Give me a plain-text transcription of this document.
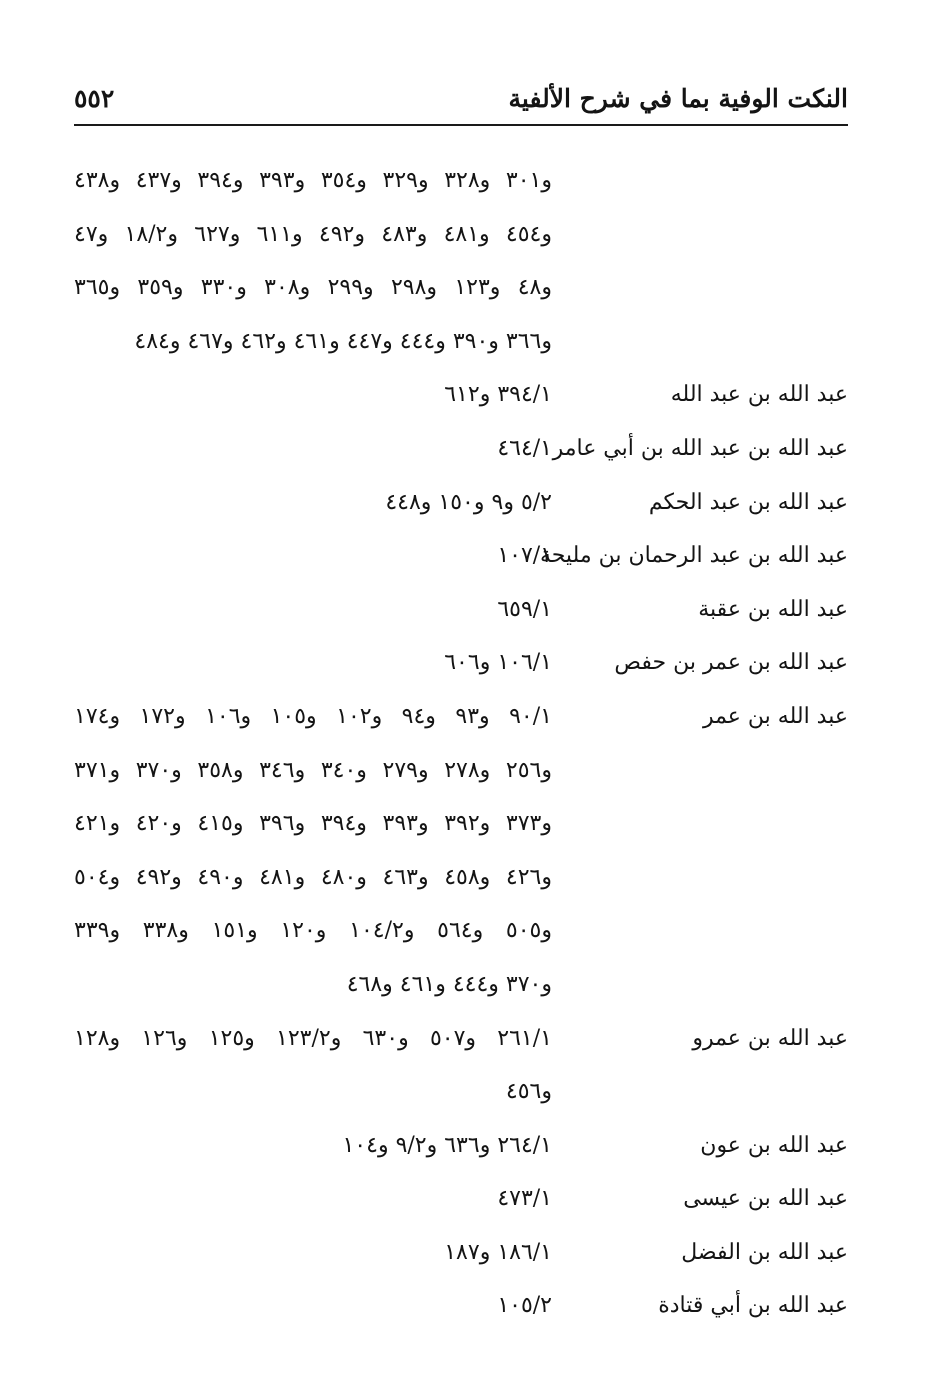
النكت الوفية بما في شرح الألفية
٥٥٢
و٣٠١ و٣٢٨ و٣٢٩ و٣٥٤ و٣٩٣ و٣٩٤ و٤٣٧ و٤٣٨
و٤٥٤ و٤٨١ و٤٨٣ و٤٩٢ و٦١١ و٦٢٧ و١٨/٢ و٤٧
و٤٨ و١٢٣ و٢٩٨ و٢٩٩ و٣٠٨ و٣٣٠ و٣٥٩ و٣٦٥
و٣٦٦ و٣٩٠ و٤٤٤ و٤٤٧ و٤٦١ و٤٦٢ و٤٦٧ و٤٨٤
عبد الله بن عبد الله
٣٩٤/١ و٦١٢
عبد الله بن عبد الله بن أبي عامر
٤٦٤/١
عبد الله بن عبد الحكم
٥/٢ و٩ و١٥٠ و٤٤٨
عبد الله بن عبد الرحمان بن مليحة
١٠٧/١
عبد الله بن عقبة
٦٥٩/١
عبد الله بن عمر بن حفص
١٠٦/١ و٦٠٦
عبد الله بن عمر
٩٠/١ و٩٣ و٩٤ و١٠٢ و١٠٥ و١٠٦ و١٧٢ و١٧٤
و٢٥٦ و٢٧٨ و٢٧٩ و٣٤٠ و٣٤٦ و٣٥٨ و٣٧٠ و٣٧١
و٣٧٣ و٣٩٢ و٣٩٣ و٣٩٤ و٣٩٦ و٤١٥ و٤٢٠ و٤٢١
و٤٢٦ و٤٥٨ و٤٦٣ و٤٨٠ و٤٨١ و٤٩٠ و٤٩٢ و٥٠٤
و٥٠٥ و٥٦٤ و١٠٤/٢ و١٢٠ و١٥١ و٣٣٨ و٣٣٩
و٣٧٠ و٤٤٤ و٤٦١ و٤٦٨
عبد الله بن عمرو
٢٦١/١ و٥٠٧ و٦٣٠ و١٢٣/٢ و١٢٥ و١٢٦ و١٢٨
و٤٥٦
عبد الله بن عون
٢٦٤/١ و٦٣٦ و٩/٢ و١٠٤
عبد الله بن عيسى
٤٧٣/١
عبد الله بن الفضل
١٨٦/١ و١٨٧
عبد الله بن أبي قتادة
١٠٥/٢
